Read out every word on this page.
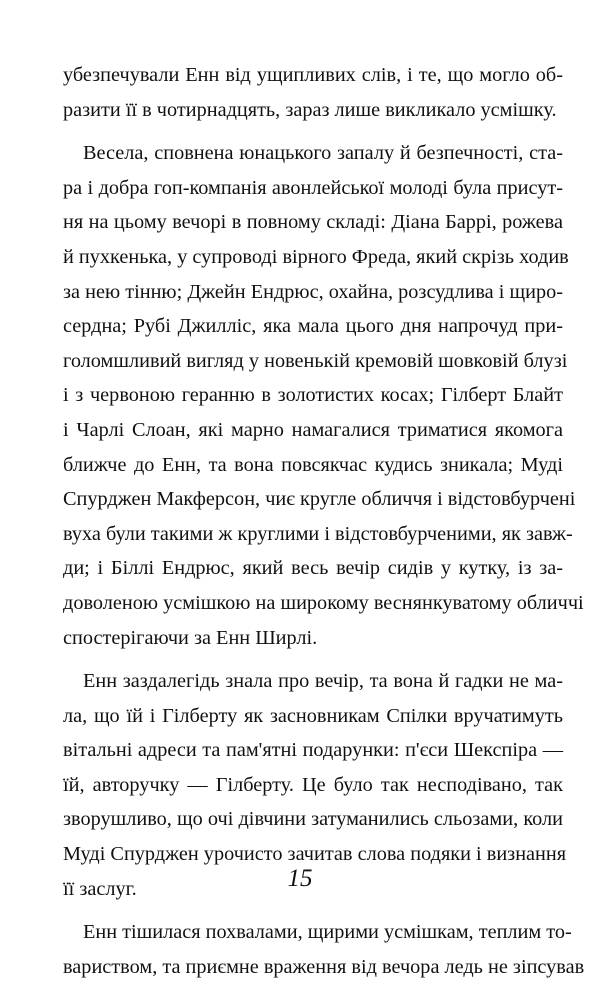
убезпечували Енн від ущипливих слів, і те, що могло об-
разити її в чотирнадцять, зараз лише викликало усмішку.
Весела, сповнена юнацького запалу й безпечності, ста-
ра і добра гоп-компанія авонлейської молоді була присут-
ня на цьому вечорі в повному складі: Діана Баррі, рожева
й пухкенька, у супроводі вірного Фреда, який скрізь ходив
за нею тінню; Джейн Ендрюс, охайна, розсудлива і щиро-
сердна; Рубі Джилліс, яка мала цього дня напрочуд при-
голомшливий вигляд у новенькій кремовій шовковій блузі
і з червоною геранню в золотистих косах; Гілберт Блайт
і Чарлі Слоан, які марно намагалися триматися якомога
ближче до Енн, та вона повсякчас кудись зникала; Муді
Спурджен Макферсон, чиє кругле обличчя і відстовбурчені
вуха були такими ж круглими і відстовбурченими, як завж-
ди; і Біллі Ендрюс, який весь вечір сидів у кутку, із за-
доволеною усмішкою на широкому веснянкуватому обличчі
спостерігаючи за Енн Ширлі.
Енн заздалегідь знала про вечір, та вона й гадки не ма-
ла, що їй і Гілберту як засновникам Спілки вручатимуть
вітальні адреси та пам'ятні подарунки: п'єси Шекспіра —
їй, авторучку — Гілберту. Це було так несподівано, так
зворушливо, що очі дівчини затуманились сльозами, коли
Муді Спурджен урочисто зачитав слова подяки і визнання
її заслуг.
Енн тішилася похвалами, щирими усмішкам, теплим то-
вариством, та приємне враження від вечора ледь не зіпсував
15
